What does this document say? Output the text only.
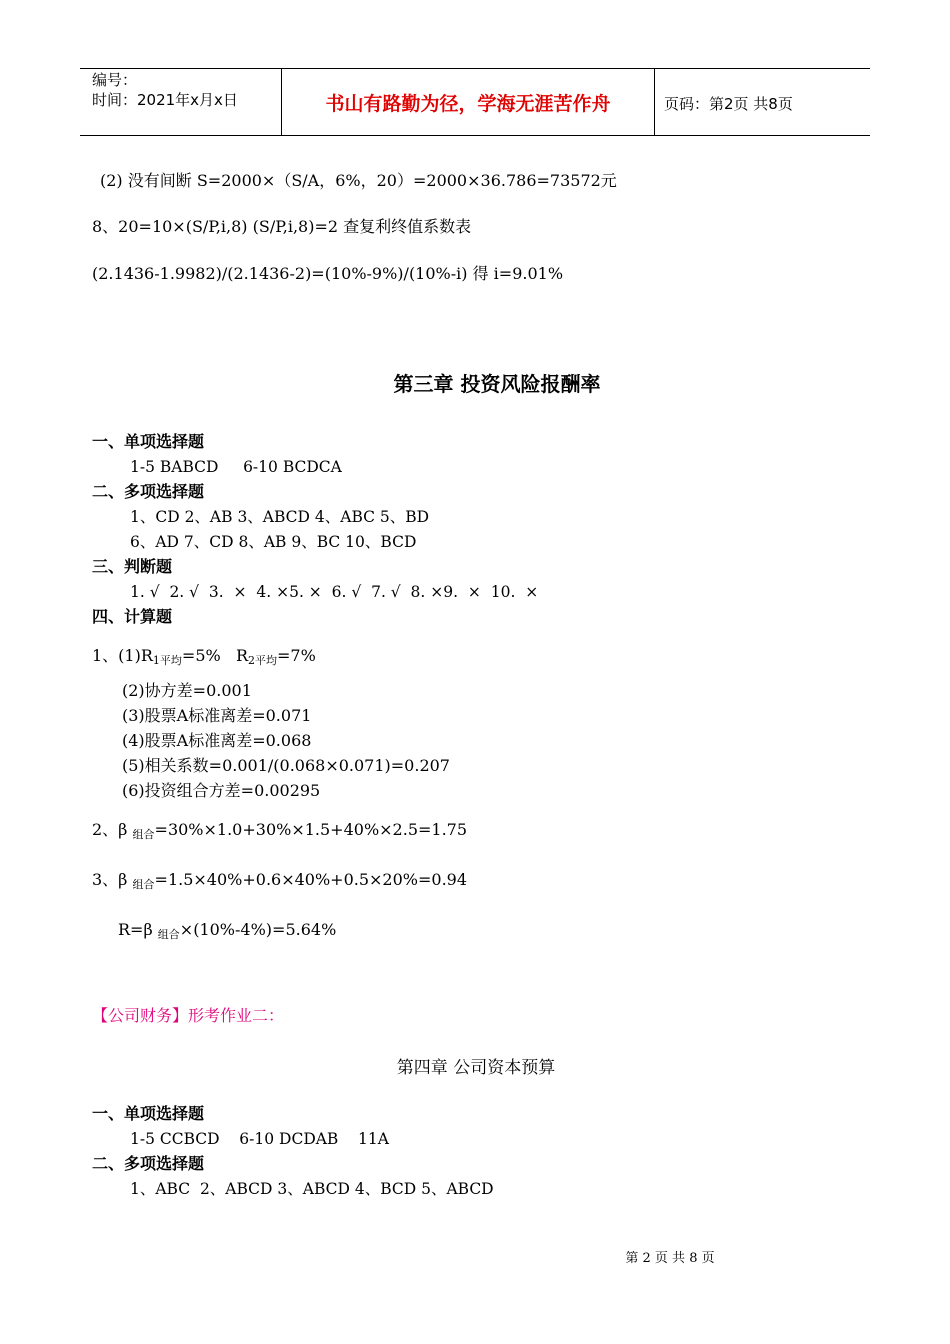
编号：
时间：2021年x月x日	书山有路勤为径，学海无涯苦作舟	页码：第2页 共8页
(2) 没有间断 S=2000×（S/A，6%，20）=2000×36.786=73572元
8、20=10×(S/P,i,8) (S/P,i,8)=2 查复利终值系数表
(2.1436-1.9982)/(2.1436-2)=(10%-9%)/(10%-i) 得 i=9.01%
第三章 投资风险报酬率
一、单项选择题
1-5 BABCD     6-10 BCDCA
二、多项选择题
1、CD 2、AB 3、ABCD 4、ABC 5、BD
6、AD 7、CD 8、AB 9、BC 10、BCD
三、判断题
1. √  2. √  3.  ×  4. ×5. ×  6. √  7. √  8. ×9.  ×  10.  ×
四、计算题
1、$(1)R_{1平均}=5\%$   $R_{2平均}=7\%$
(2)协方差=0.001
(3)股票A标准离差=0.071
(4)股票A标准离差=0.068
(5)相关系数=0.001/(0.068×0.071)=0.207
(6)投资组合方差=0.00295
2、β $_{组合}$=30%×1.0+30%×1.5+40%×2.5=1.75
3、β $_{组合}$=1.5×40%+0.6×40%+0.5×20%=0.94
R=β $_{组合}$×(10%-4%)=5.64%
【公司财务】形考作业二：
第四章 公司资本预算
一、单项选择题
1-5 CCBCD    6-10 DCDAB    11A
二、多项选择题
1、ABC  2、ABCD 3、ABCD 4、BCD 5、ABCD
第 2 页 共 8 页
